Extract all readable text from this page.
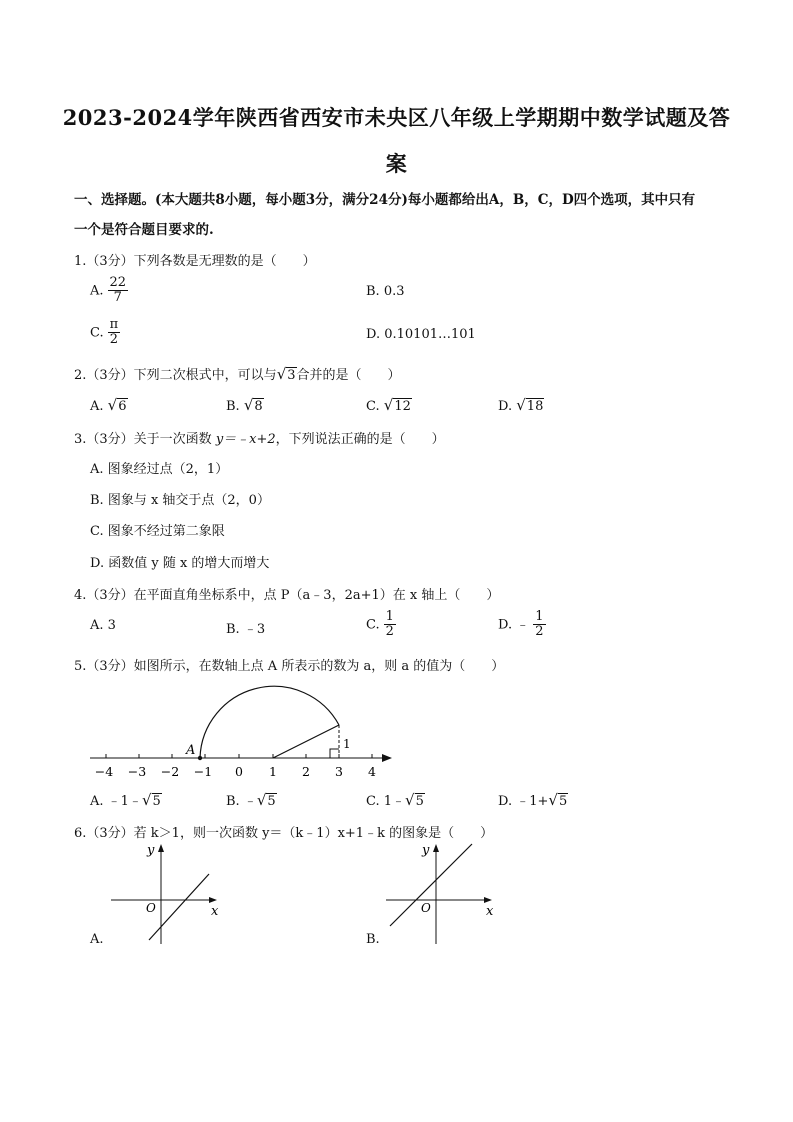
2023-2024学年陕西省西安市未央区八年级上学期期中数学试题及答
案
一、选择题。(本大题共8小题，每小题3分，满分24分)每小题都给出A，B，C，D四个选项，其中只有
一个是符合题目要求的.
1.（3分）下列各数是无理数的是（　　）
A. $\frac{22}{7}$	B. 0.3
C. $\frac{\pi}{2}$	D. 0.10101…101
2.（3分）下列二次根式中，可以与√3合并的是（　　）
A. √6	B. √8	C. √12	D. √18
3.（3分）关于一次函数 y＝﹣x+2，下列说法正确的是（　　）
A. 图象经过点（2，1）
B. 图象与 x 轴交于点（2，0）
C. 图象不经过第二象限
D. 函数值 y 随 x 的增大而增大
4.（3分）在平面直角坐标系中，点 P（a﹣3，2a+1）在 x 轴上（　　）
A. 3	B. ﹣3	C. $\frac{1}{2}$	D. ﹣ $\frac{1}{2}$
5.（3分）如图所示，在数轴上点 A 所表示的数为 a，则 a 的值为（　　）
A	1
−4 −3 −2 −1 0 1 2 3 4
A. ﹣1﹣√5	B. ﹣√5	C. 1﹣√5	D. ﹣1+√5
6.（3分）若 k＞1，则一次函数 y＝（k﹣1）x+1﹣k 的图象是（　　）
y
x
O
A.
y
x
O
B.
